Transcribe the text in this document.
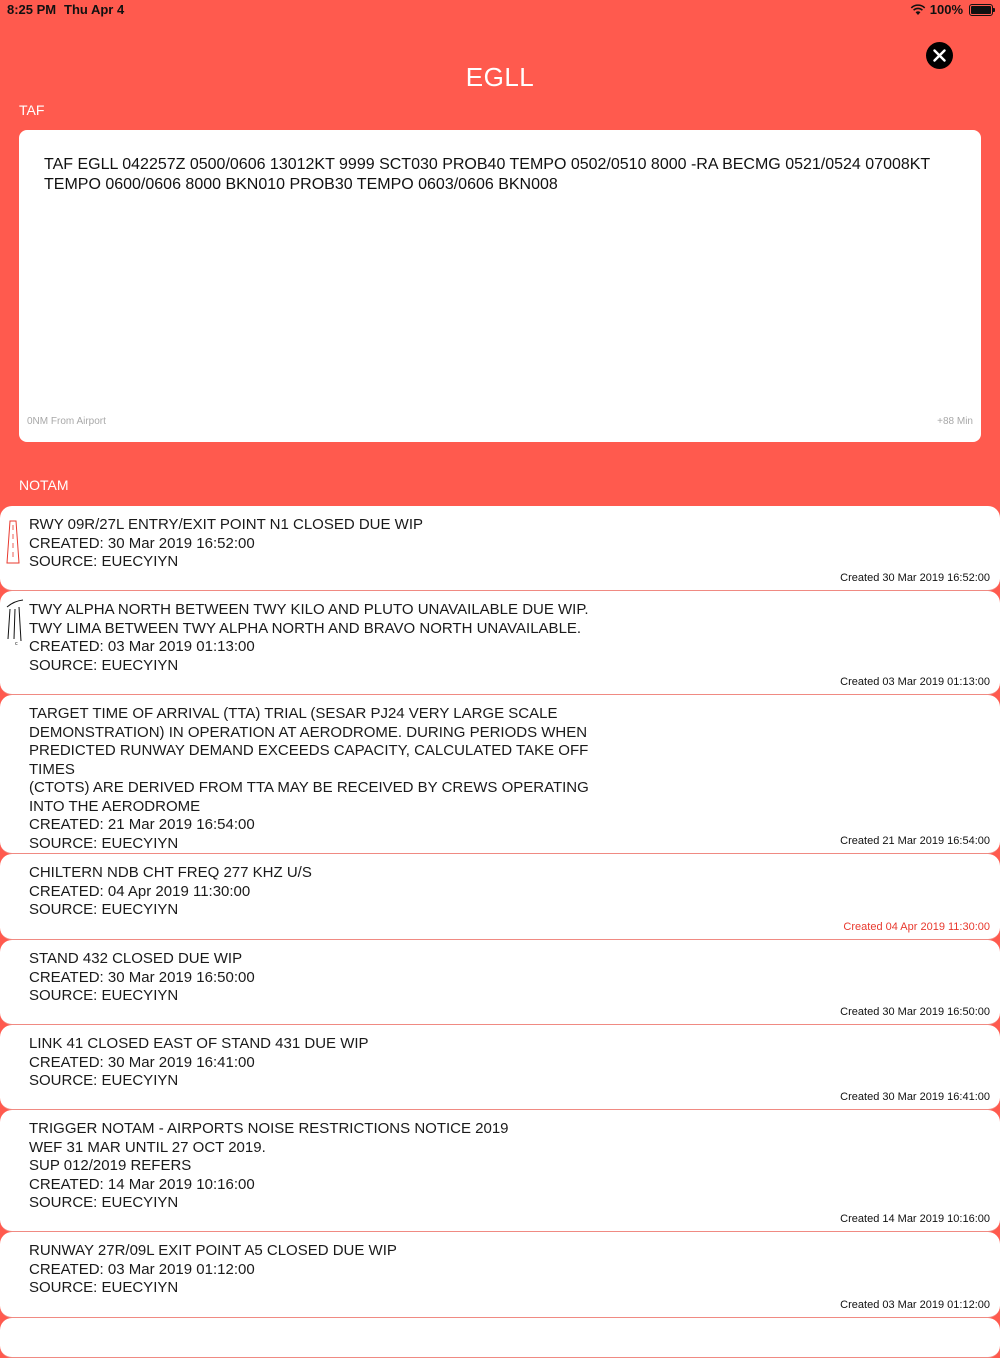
8:25 PM Thu Apr 4	100%
EGLL
TAF
TAF EGLL 042257Z 0500/0606 13012KT 9999 SCT030 PROB40 TEMPO 0502/0510 8000 -RA BECMG 0521/0524 07008KT TEMPO 0600/0606 8000 BKN010 PROB30 TEMPO 0603/0606 BKN008
0NM From Airport	+88 Min
NOTAM
RWY 09R/27L ENTRY/EXIT POINT N1 CLOSED DUE WIP
CREATED: 30 Mar 2019 16:52:00
SOURCE: EUECYIYN
Created 30 Mar 2019 16:52:00
c
TWY ALPHA NORTH BETWEEN TWY KILO AND PLUTO UNAVAILABLE DUE WIP.
TWY LIMA BETWEEN TWY ALPHA NORTH AND BRAVO NORTH UNAVAILABLE.
CREATED: 03 Mar 2019 01:13:00
SOURCE: EUECYIYN
Created 03 Mar 2019 01:13:00
TARGET TIME OF ARRIVAL (TTA) TRIAL (SESAR PJ24 VERY LARGE SCALE
DEMONSTRATION) IN OPERATION AT AERODROME. DURING PERIODS WHEN
PREDICTED RUNWAY DEMAND EXCEEDS CAPACITY, CALCULATED TAKE OFF TIMES
(CTOTS) ARE DERIVED FROM TTA MAY BE RECEIVED BY CREWS OPERATING
INTO THE AERODROME
CREATED: 21 Mar 2019 16:54:00
SOURCE: EUECYIYN	Created 21 Mar 2019 16:54:00
CHILTERN NDB CHT FREQ 277 KHZ U/S
CREATED: 04 Apr 2019 11:30:00
SOURCE: EUECYIYN
Created 04 Apr 2019 11:30:00
STAND 432 CLOSED DUE WIP
CREATED: 30 Mar 2019 16:50:00
SOURCE: EUECYIYN
Created 30 Mar 2019 16:50:00
LINK 41 CLOSED EAST OF STAND 431 DUE WIP
CREATED: 30 Mar 2019 16:41:00
SOURCE: EUECYIYN
Created 30 Mar 2019 16:41:00
TRIGGER NOTAM - AIRPORTS NOISE RESTRICTIONS NOTICE 2019
WEF 31 MAR UNTIL 27 OCT 2019.
SUP 012/2019 REFERS
CREATED: 14 Mar 2019 10:16:00
SOURCE: EUECYIYN
Created 14 Mar 2019 10:16:00
RUNWAY 27R/09L EXIT POINT A5 CLOSED DUE WIP
CREATED: 03 Mar 2019 01:12:00
SOURCE: EUECYIYN
Created 03 Mar 2019 01:12:00
